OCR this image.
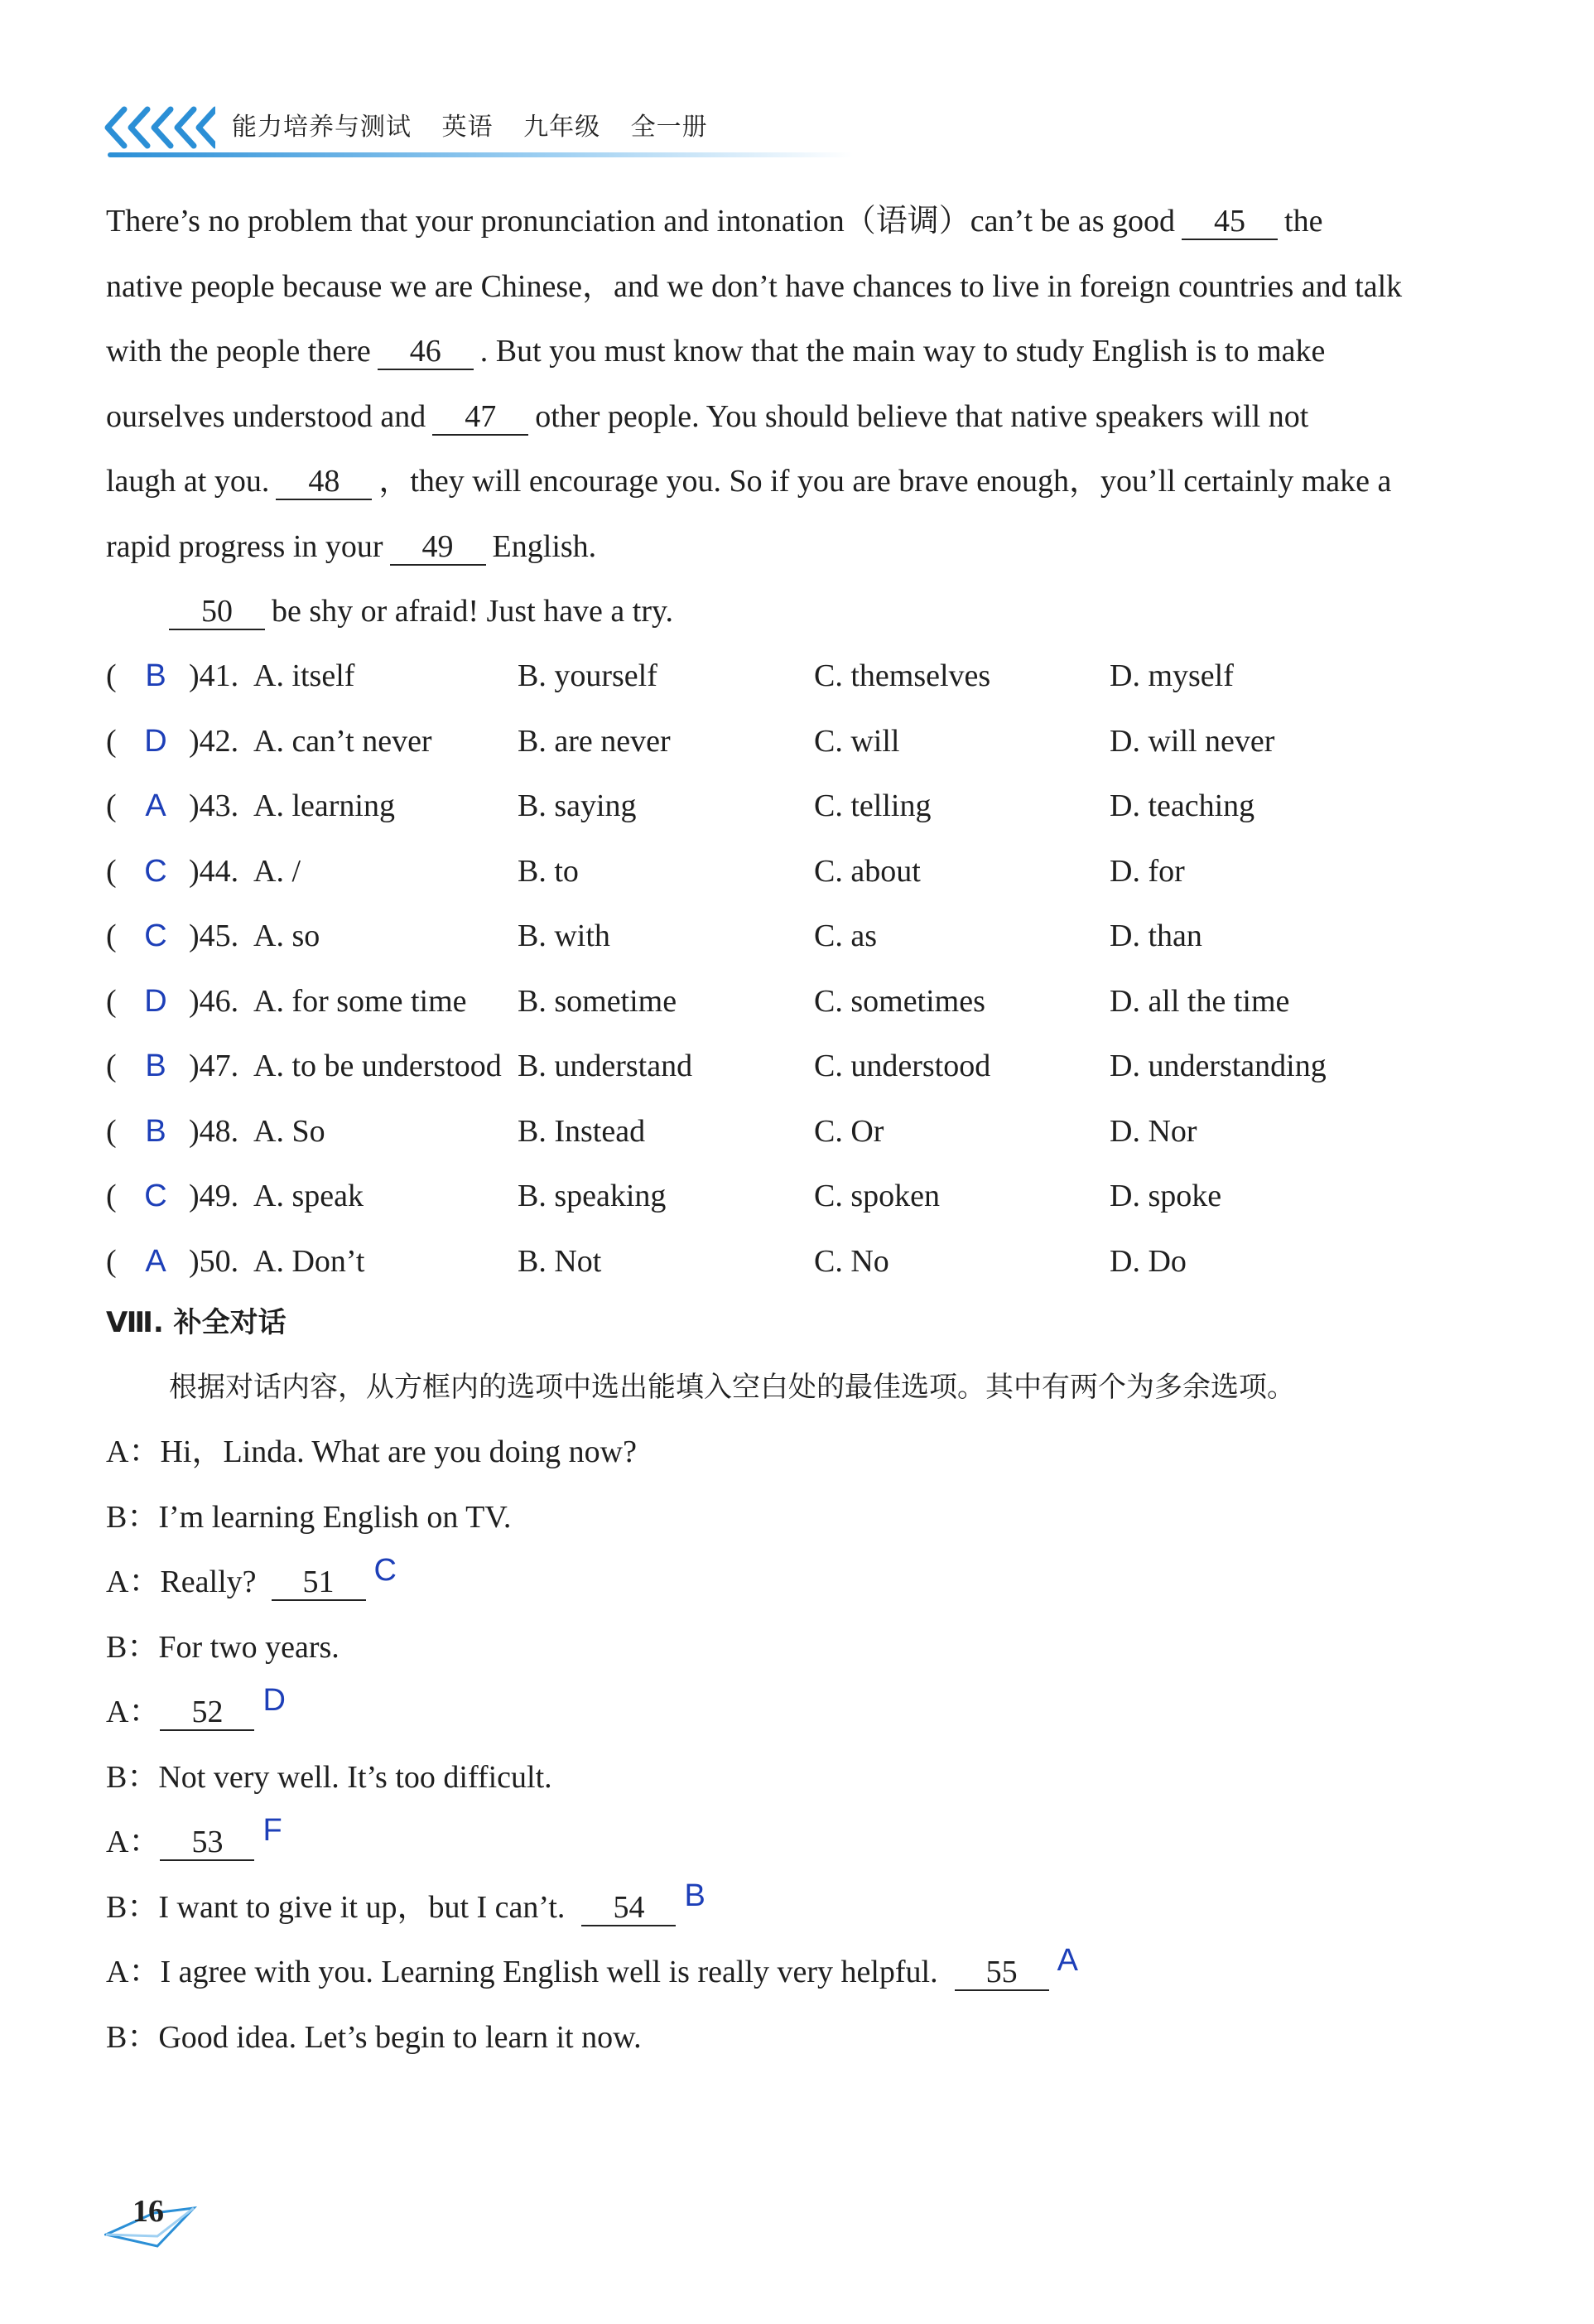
能力培养与测试 英语 九年级 全一册

There’s no problem that your pronunciation and intonation（语调）can’t be as good 45 the

native people because we are Chinese，and we don’t have chances to live in foreign countries and talk

with the people there 46 . But you must know that the main way to study English is to make

ourselves understood and 47 other people. You should believe that native speakers will not

laugh at you. 48 ，they will encourage you. So if you are brave enough，you’ll certainly make a

rapid progress in your 49 English.

50 be shy or afraid! Just have a try.

( B )41. A. itself	B. yourself	C. themselves	D. myself
( D )42. A. can’t never	B. are never	C. will	D. will never
( A )43. A. learning	B. saying	C. telling	D. teaching
( C )44. A. /	B. to	C. about	D. for
( C )45. A. so	B. with	C. as	D. than
( D )46. A. for some time B. sometime	C. sometimes	D. all the time
( B )47. A. to be understood B. understand	C. understood	D. understanding
( B )48. A. So	B. Instead	C. Or	D. Nor
( C )49. A. speak	B. speaking	C. spoken	D. spoke
( A )50. A. Don’t	B. Not	C. No	D. Do
Ⅷ. 补全对话
根据对话内容，从方框内的选项中选出能填入空白处的最佳选项。其中有两个为多余选项。
A：Hi，Linda. What are you doing now?
B：I’m learning English on TV.
A：Really? 51 C
B：For two years.
A： 52 D
B：Not very well. It’s too difficult.
A： 53 F
B：I want to give it up，but I can’t. 54 B
A：I agree with you. Learning English well is really very helpful. 55 A
B：Good idea. Let’s begin to learn it now.
16
